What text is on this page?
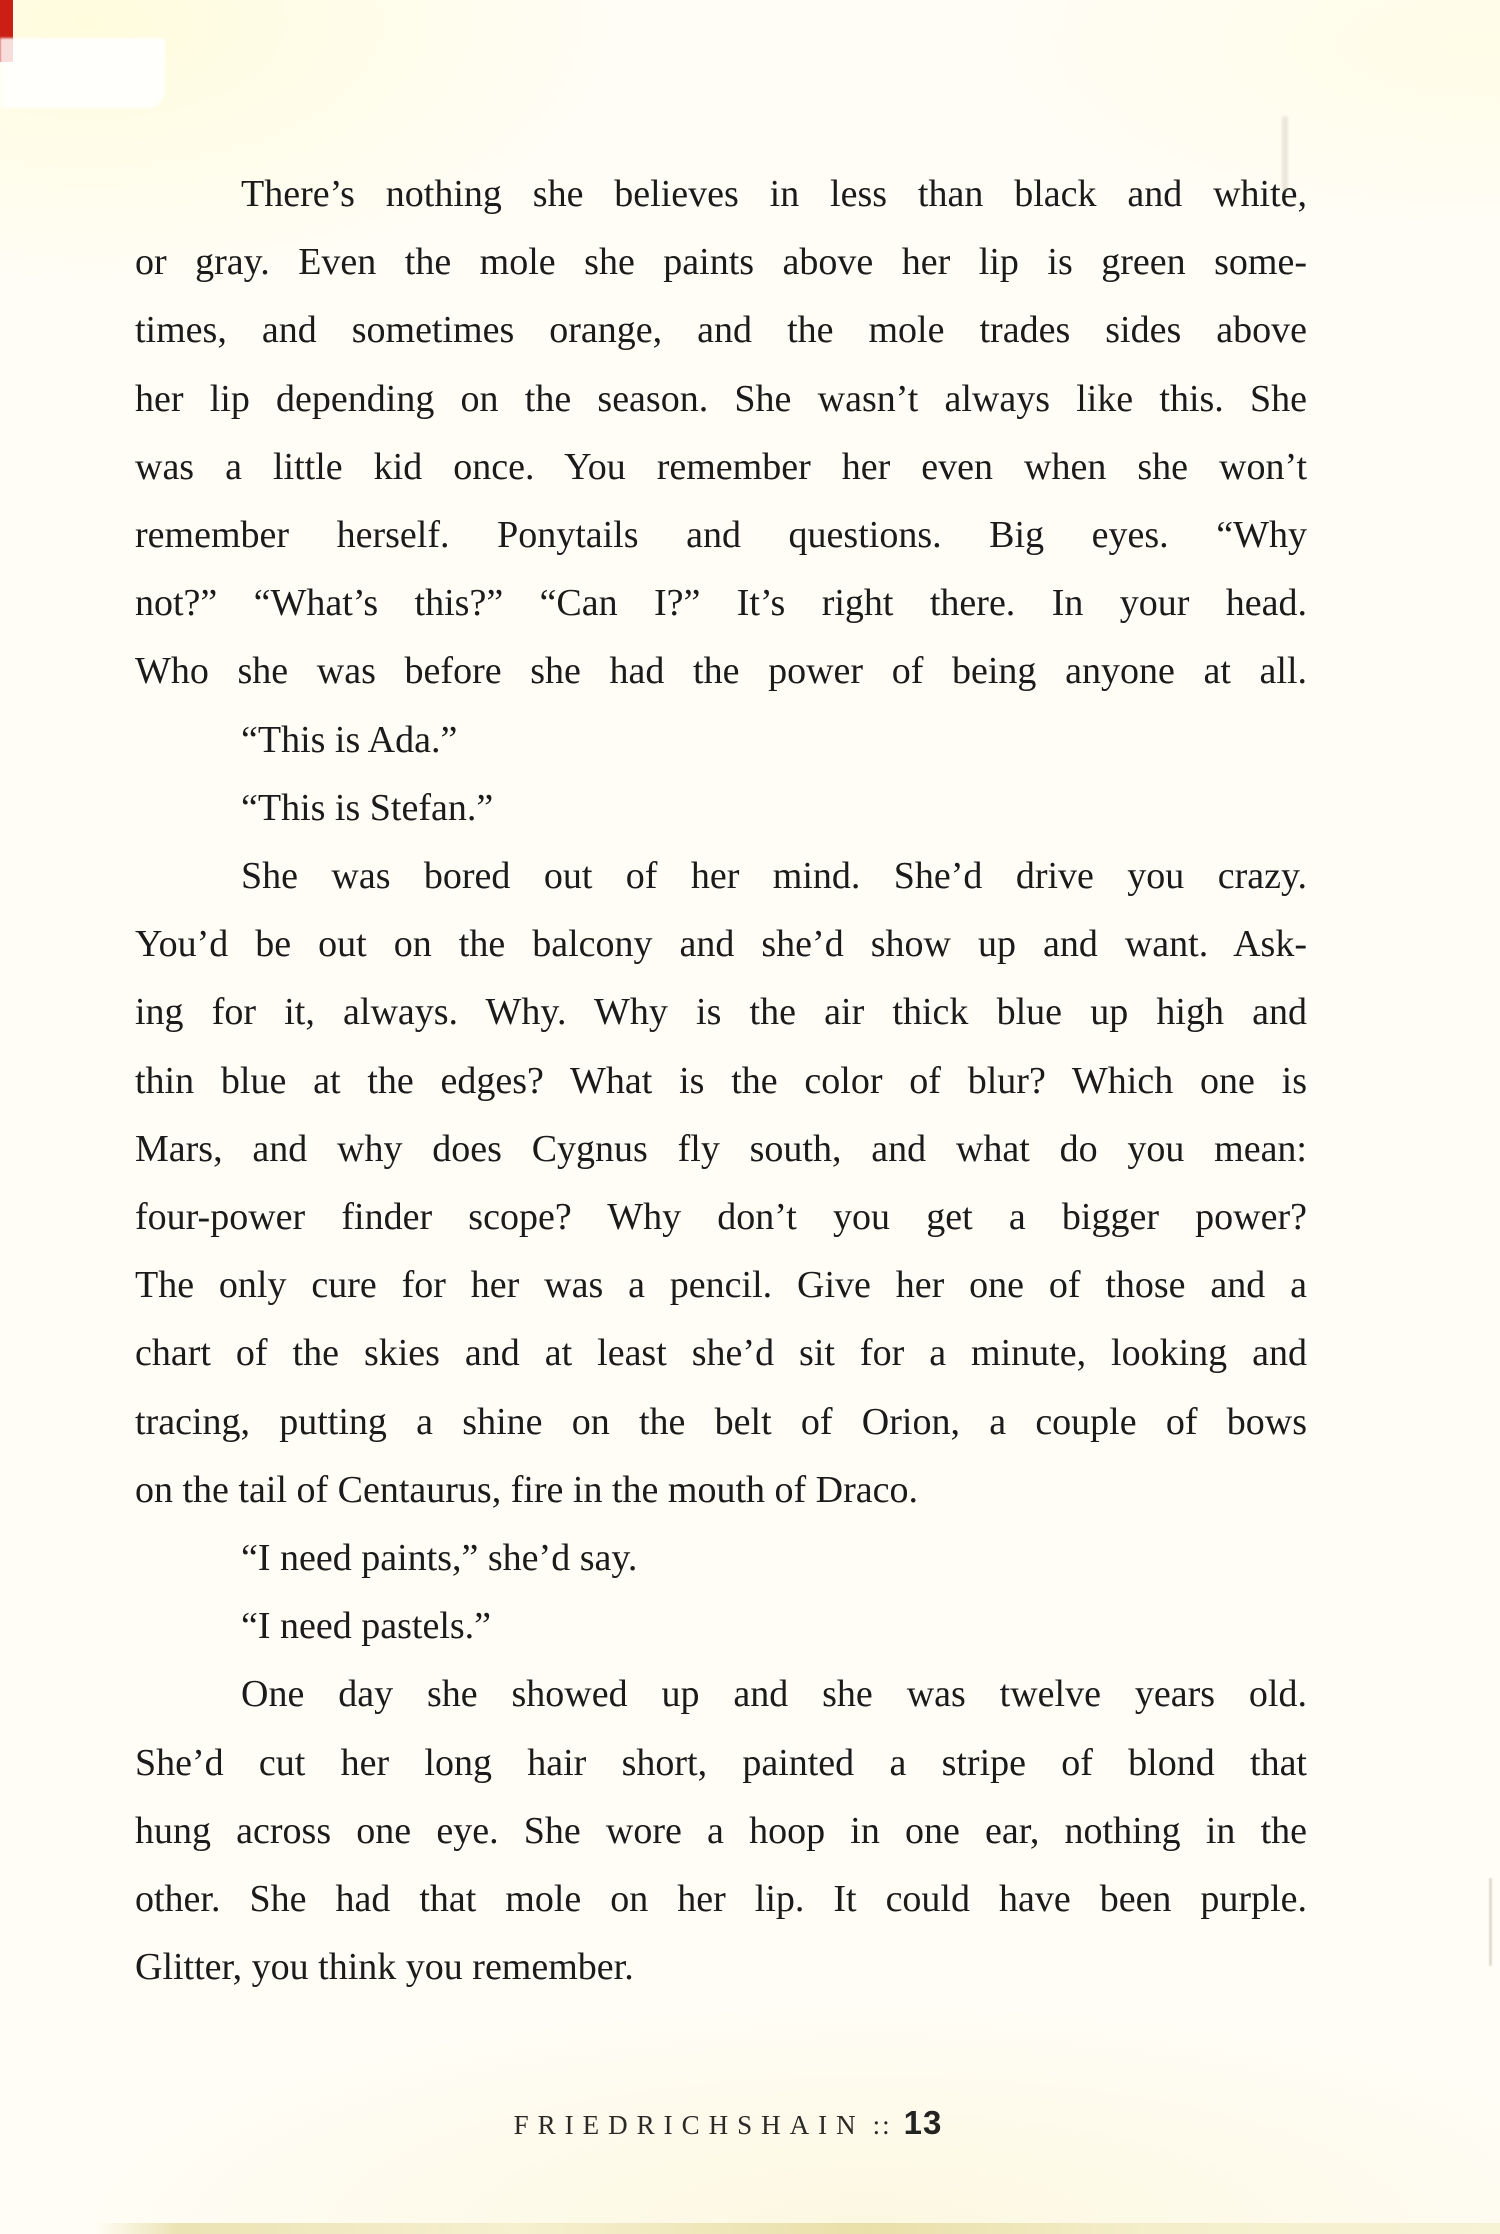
There’s nothing she believes in less than black and white,
or gray. Even the mole she paints above her lip is green some-
times, and sometimes orange, and the mole trades sides above
her lip depending on the season. She wasn’t always like this. She
was a little kid once. You remember her even when she won’t
remember herself. Ponytails and questions. Big eyes. “Why
not?” “What’s this?” “Can I?” It’s right there. In your head.
Who she was before she had the power of being anyone at all.
“This is Ada.”
“This is Stefan.”
She was bored out of her mind. She’d drive you crazy.
You’d be out on the balcony and she’d show up and want. Ask-
ing for it, always. Why. Why is the air thick blue up high and
thin blue at the edges? What is the color of blur? Which one is
Mars, and why does Cygnus fly south, and what do you mean:
four-power finder scope? Why don’t you get a bigger power?
The only cure for her was a pencil. Give her one of those and a
chart of the skies and at least she’d sit for a minute, looking and
tracing, putting a shine on the belt of Orion, a couple of bows
on the tail of Centaurus, fire in the mouth of Draco.
“I need paints,” she’d say.
“I need pastels.”
One day she showed up and she was twelve years old.
She’d cut her long hair short, painted a stripe of blond that
hung across one eye. She wore a hoop in one ear, nothing in the
other. She had that mole on her lip. It could have been purple.
Glitter, you think you remember.
FRIEDRICHSHAIN :: 13
